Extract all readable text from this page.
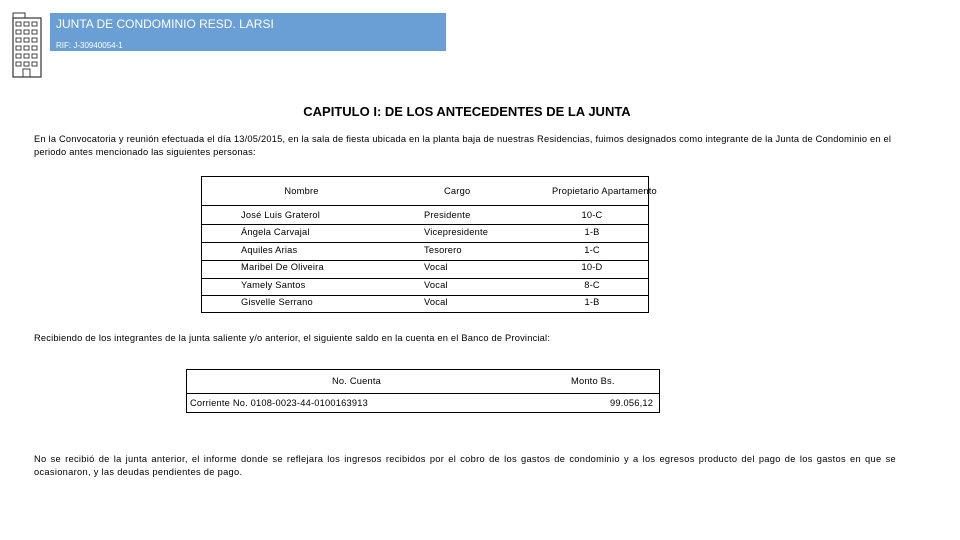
JUNTA DE CONDOMINIO RESD. LARSI
RIF: J-30940054-1
CAPITULO I: DE LOS ANTECEDENTES DE LA JUNTA
En la Convocatoria y reunión efectuada el día 13/05/2015, en la sala de fiesta ubicada en la planta baja de nuestras Residencias, fuimos designados como integrante de la Junta de Condominio en el periodo antes mencionado las siguientes personas:
Nombre	Cargo	Propietario Apartamento
José Luis Graterol	Presidente	10-C
Ángela Carvajal	Vicepresidente	1-B
Aquiles Arias	Tesorero	1-C
Maribel De Oliveira	Vocal	10-D
Yamely Santos	Vocal	8-C
Gisvelle Serrano	Vocal	1-B
Recibiendo de los integrantes de la junta saliente y/o anterior, el siguiente saldo en la cuenta en el Banco de Provincial:
No. Cuenta	Monto Bs.
Corriente No. 0108-0023-44-0100163913	99.056,12
No se recibió de la junta anterior, el informe donde se reflejara los ingresos recibidos por el cobro de los gastos de condominio y a los egresos producto del pago de los gastos en que se ocasionaron, y las deudas pendientes de pago.
